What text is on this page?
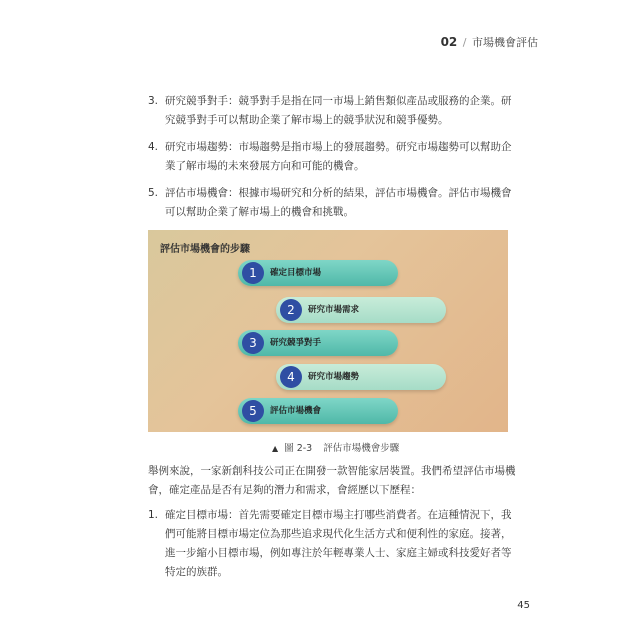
02 / 市場機會評估
3. 研究競爭對手：競爭對手是指在同一市場上銷售類似產品或服務的企業。研究競爭對手可以幫助企業了解市場上的競爭狀況和競爭優勢。
4. 研究市場趨勢：市場趨勢是指市場上的發展趨勢。研究市場趨勢可以幫助企業了解市場的未來發展方向和可能的機會。
5. 評估市場機會：根據市場研究和分析的結果，評估市場機會。評估市場機會可以幫助企業了解市場上的機會和挑戰。
評估市場機會的步驟
1	確定目標市場
2	研究市場需求
3	研究競爭對手
4	研究市場趨勢
5	評估市場機會
▲ 圖 2-3 評估市場機會步驟

舉例來說，一家新創科技公司正在開發一款智能家居裝置。我們希望評估市場機會，確定產品是否有足夠的潛力和需求，會經歷以下歷程：

1. 確定目標市場：首先需要確定目標市場主打哪些消費者。在這種情況下，我們可能將目標市場定位為那些追求現代化生活方式和便利性的家庭。接著，進一步縮小目標市場，例如專注於年輕專業人士、家庭主婦或科技愛好者等特定的族群。
45
